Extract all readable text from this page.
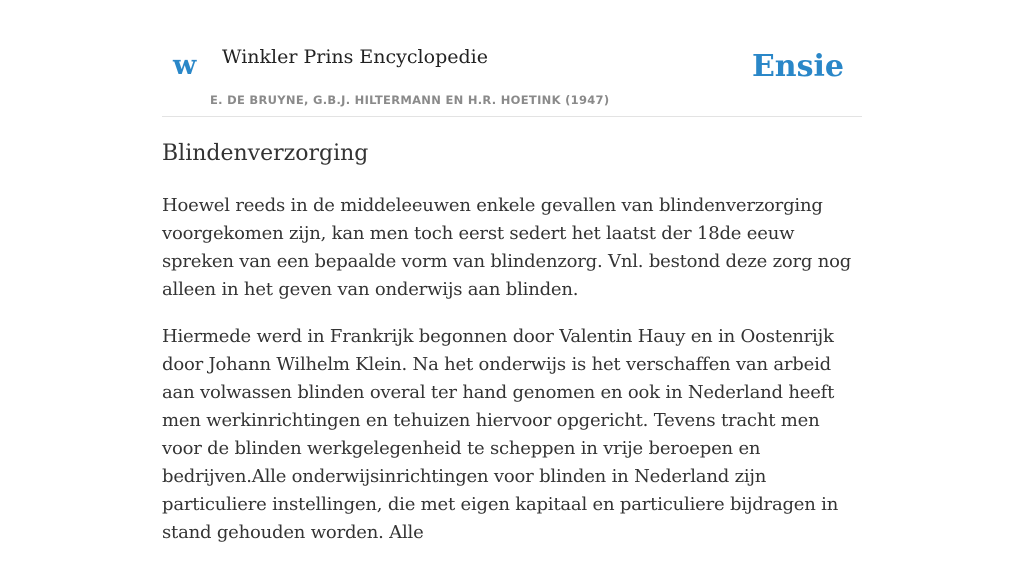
w Winkler Prins Encyclopedie
E. DE BRUYNE, G.B.J. HILTERMANN EN H.R. HOETINK (1947)
Ensie
Blindenverzorging

Hoewel reeds in de middeleeuwen enkele gevallen van blindenverzorging voorgekomen zijn, kan men toch eerst sedert het laatst der 18de eeuw spreken van een bepaalde vorm van blindenzorg. Vnl. bestond deze zorg nog alleen in het geven van onderwijs aan blinden.

Hiermede werd in Frankrijk begonnen door Valentin Hauy en in Oostenrijk door Johann Wilhelm Klein. Na het onderwijs is het verschaffen van arbeid aan volwassen blinden overal ter hand genomen en ook in Nederland heeft men werkinrichtingen en tehuizen hiervoor opgericht. Tevens tracht men voor de blinden werkgelegenheid te scheppen in vrije beroepen en bedrijven.Alle onderwijsinrichtingen voor blinden in Nederland zijn particuliere instellingen, die met eigen kapitaal en particuliere bijdragen in stand gehouden worden. Alle
